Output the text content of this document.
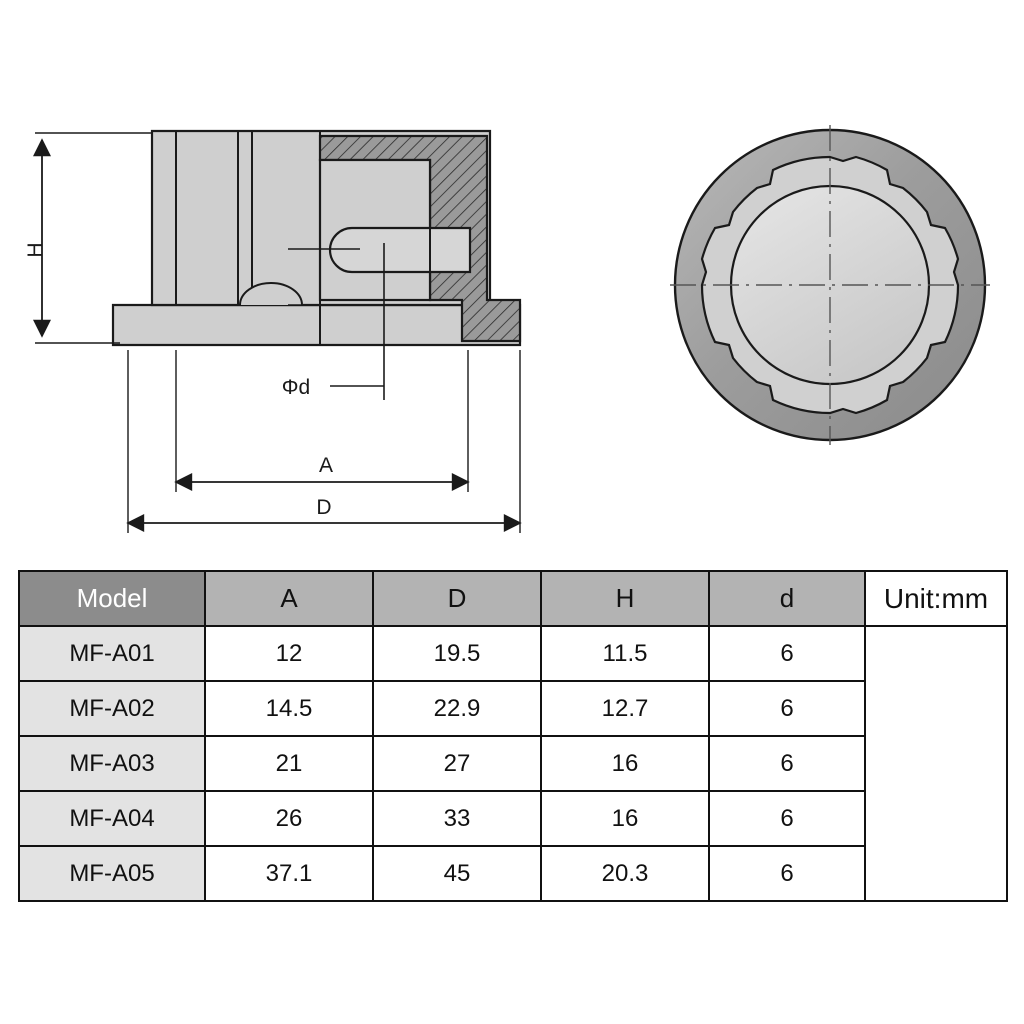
H
Φd
A
D
Model	A	D	H	d	Unit:mm
MF-A01	12	19.5	11.5	6	
MF-A02	14.5	22.9	12.7	6	
MF-A03	21	27	16	6	
MF-A04	26	33	16	6	
MF-A05	37.1	45	20.3	6	
